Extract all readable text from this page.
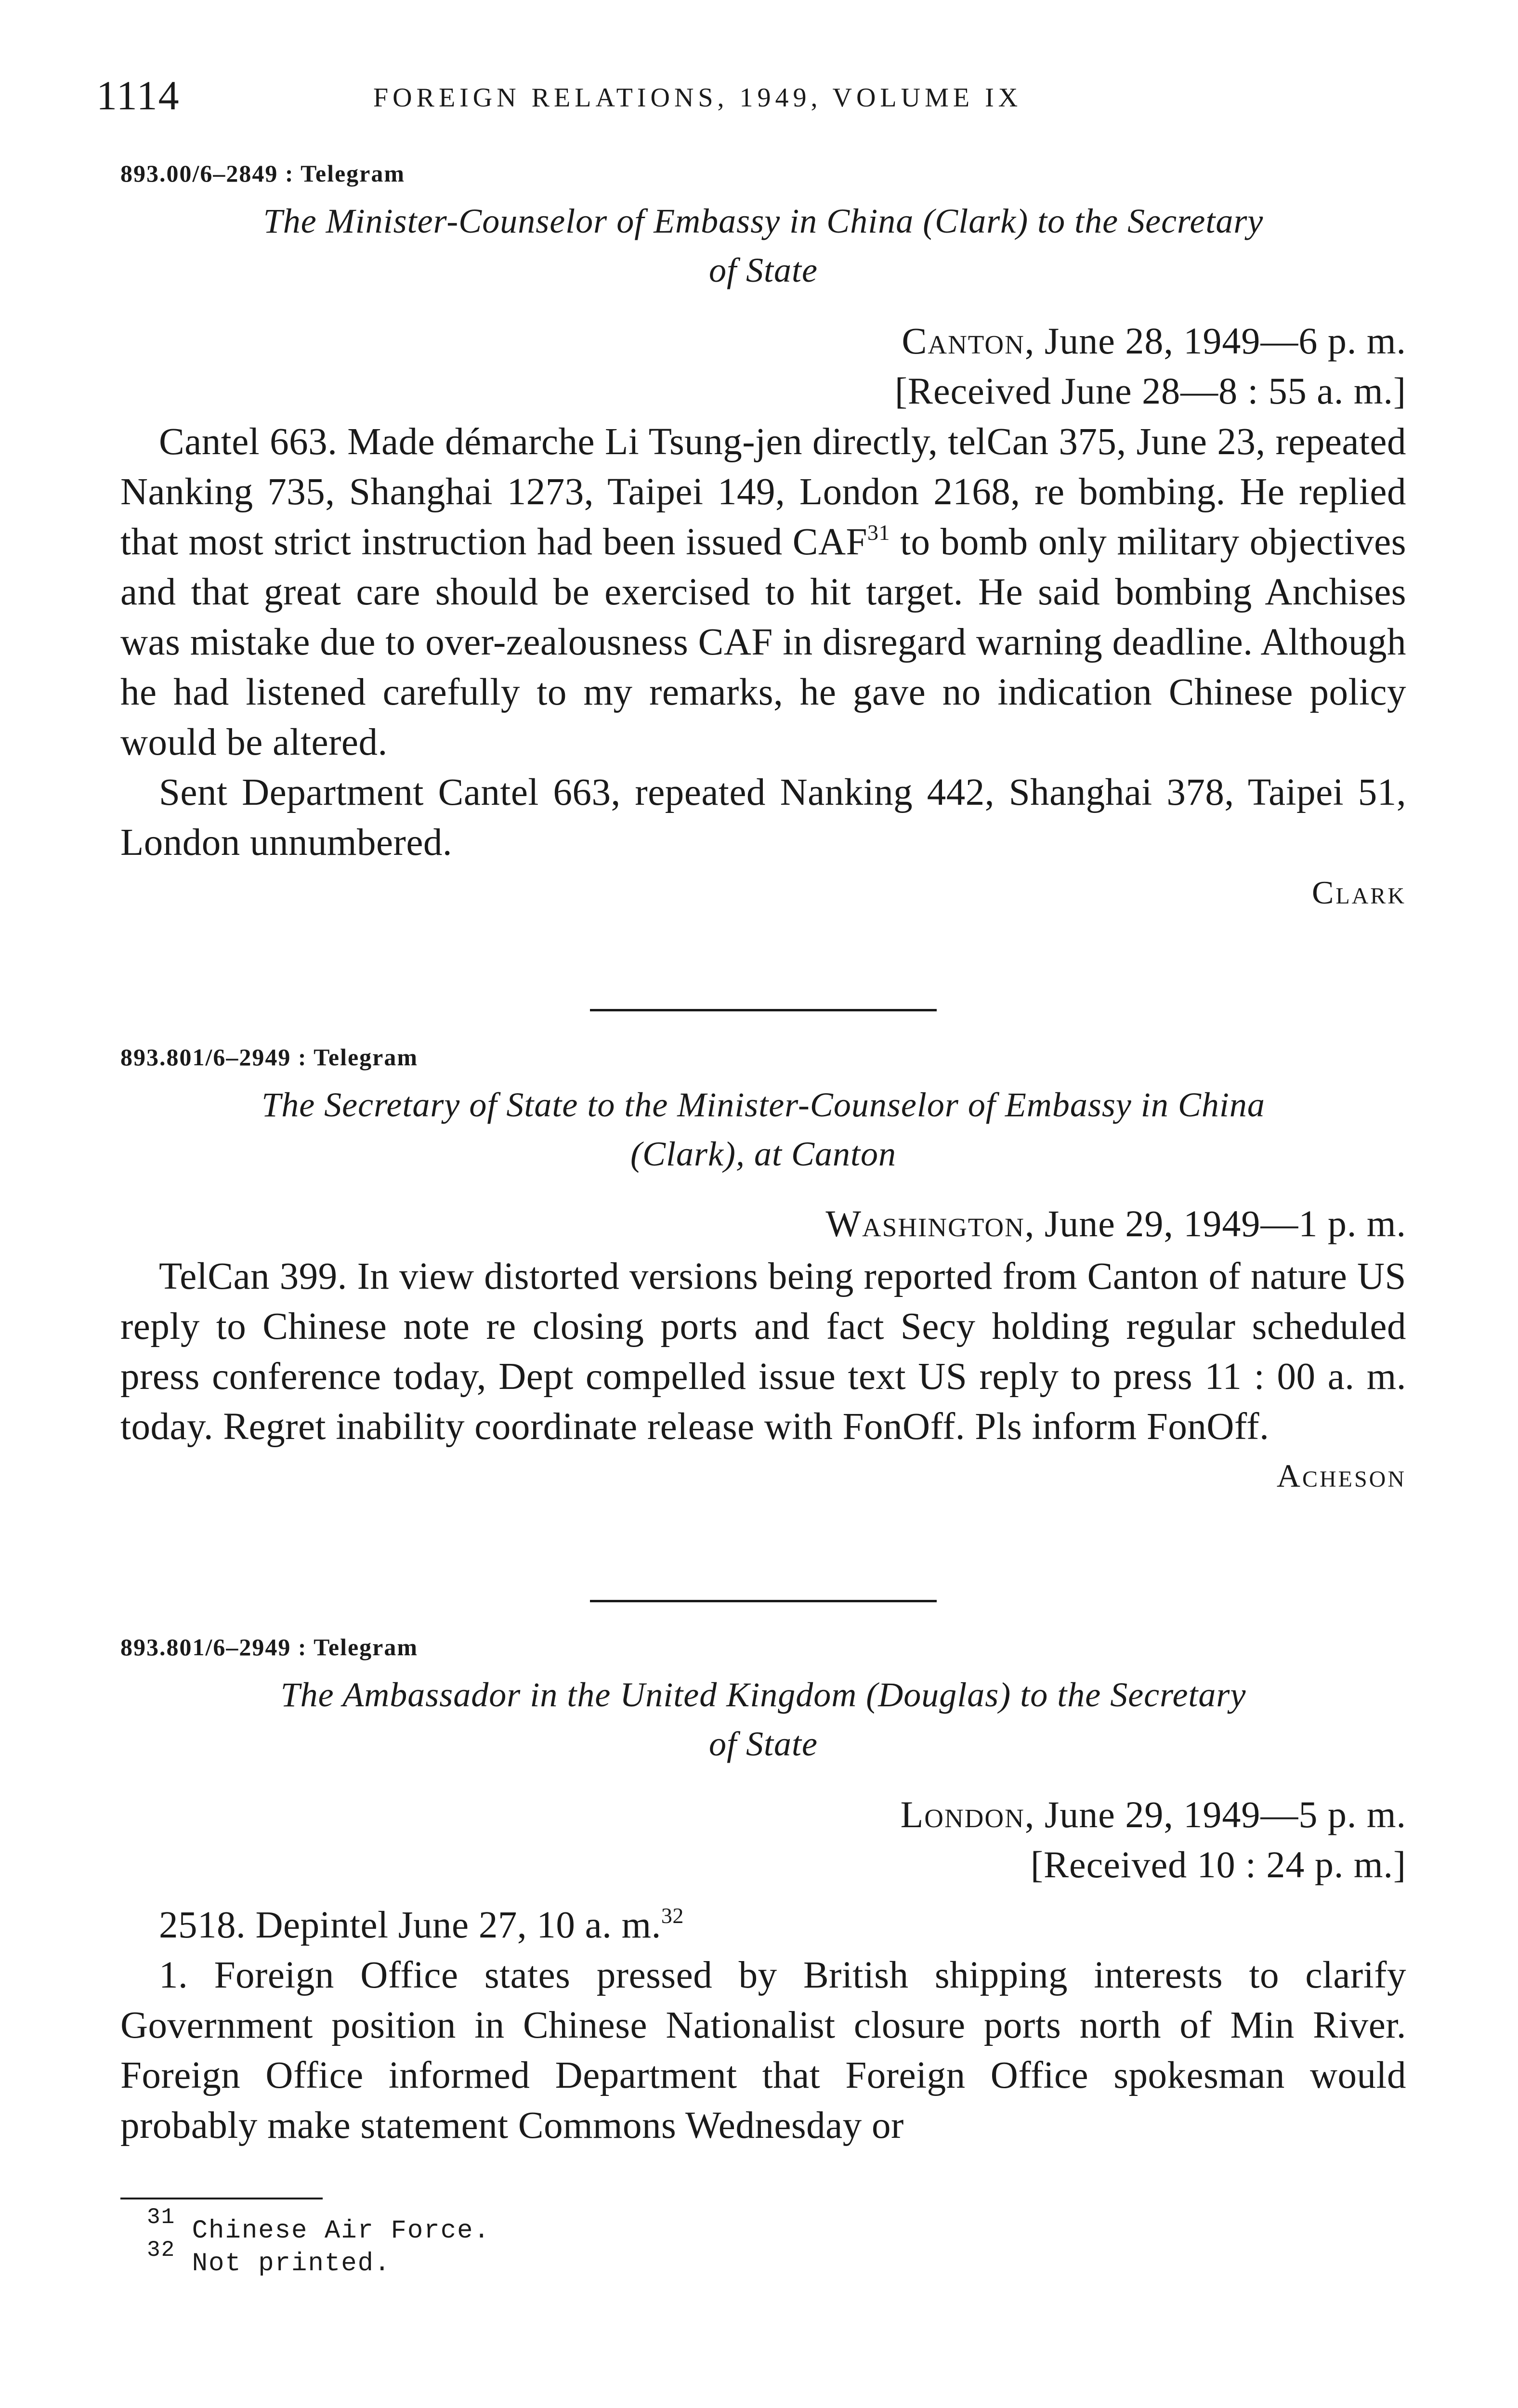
1114	FOREIGN RELATIONS, 1949, VOLUME IX

893.00/6–2849 : Telegram

The Minister-Counselor of Embassy in China (Clark) to the Secretary

of State

Canton, June 28, 1949—6 p. m.

[Received June 28—8 : 55 a. m.]

Cantel 663. Made démarche Li Tsung-jen directly, telCan 375, June 23, repeated Nanking 735, Shanghai 1273, Taipei 149, London 2168, re bombing. He replied that most strict instruction had been issued CAF$^{31}$ to bomb only military objectives and that great care should be exercised to hit target. He said bombing Anchises was mistake due to over-zealousness CAF in disregard warning deadline. Although he had listened carefully to my remarks, he gave no indication Chinese policy would be altered.

Sent Department Cantel 663, repeated Nanking 442, Shanghai 378, Taipei 51, London unnumbered.

Clark

893.801/6–2949 : Telegram

The Secretary of State to the Minister-Counselor of Embassy in China

(Clark), at Canton

Washington, June 29, 1949—1 p. m.

TelCan 399. In view distorted versions being reported from Canton of nature US reply to Chinese note re closing ports and fact Secy holding regular scheduled press conference today, Dept compelled issue text US reply to press 11 : 00 a. m. today. Regret inability coordinate release with FonOff. Pls inform FonOff.

Acheson

893.801/6–2949 : Telegram

The Ambassador in the United Kingdom (Douglas) to the Secretary

of State

London, June 29, 1949—5 p. m.

[Received 10 : 24 p. m.]

2518. Depintel June 27, 10 a. m.$^{32}$

1. Foreign Office states pressed by British shipping interests to clarify Government position in Chinese Nationalist closure ports north of Min River. Foreign Office informed Department that Foreign Office spokesman would probably make statement Commons Wednesday or

$^{31}$ Chinese Air Force.

$^{32}$ Not printed.
